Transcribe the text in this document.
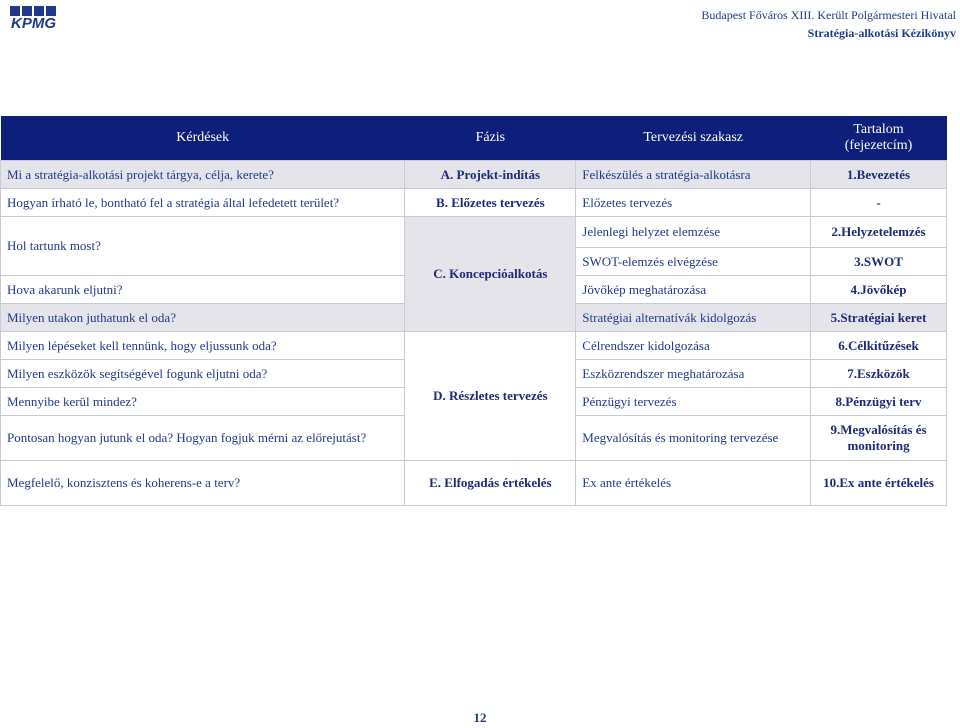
KPMG	Budapest Főváros XIII. Került Polgármesteri Hivatal
Stratégia-alkotási Kézikönyv
Kérdések	Fázis	Tervezési szakasz	Tartalom
(fejezetcím)

Mi a stratégia-alkotási projekt tárgya, célja, kerete?	A. Projekt-indítás	Felkészülés a stratégia-alkotásra	1.Bevezetés
Hogyan írható le, bontható fel a stratégia által lefedetett terület?	B. Előzetes tervezés	Előzetes tervezés	-
Hol tartunk most?	C. Koncepcióalkotás	Jelenlegi helyzet elemzése	2.Helyzetelemzés
		SWOT-elemzés elvégzése	3.SWOT
Hova akarunk eljutni?		Jövőkép meghatározása	4.Jövőkép
Milyen utakon juthatunk el oda?		Stratégiai alternatívák kidolgozás	5.Stratégiai keret
Milyen lépéseket kell tennünk, hogy eljussunk oda?	D. Részletes tervezés	Célrendszer kidolgozása	6.Célkitűzések
Milyen eszközök segítségével fogunk eljutni oda?		Eszközrendszer meghatározása	7.Eszközök
Mennyibe kerül mindez?		Pénzügyi tervezés	8.Pénzügyi terv
Pontosan hogyan jutunk el oda? Hogyan fogjuk mérni az előrejutást?		Megvalósítás és monitoring tervezése	9.Megvalósítás és monitoring
Megfelelő, konzisztens és koherens-e a terv?	E. Elfogadás értékelés	Ex ante értékelés	10.Ex ante értékelés
12
